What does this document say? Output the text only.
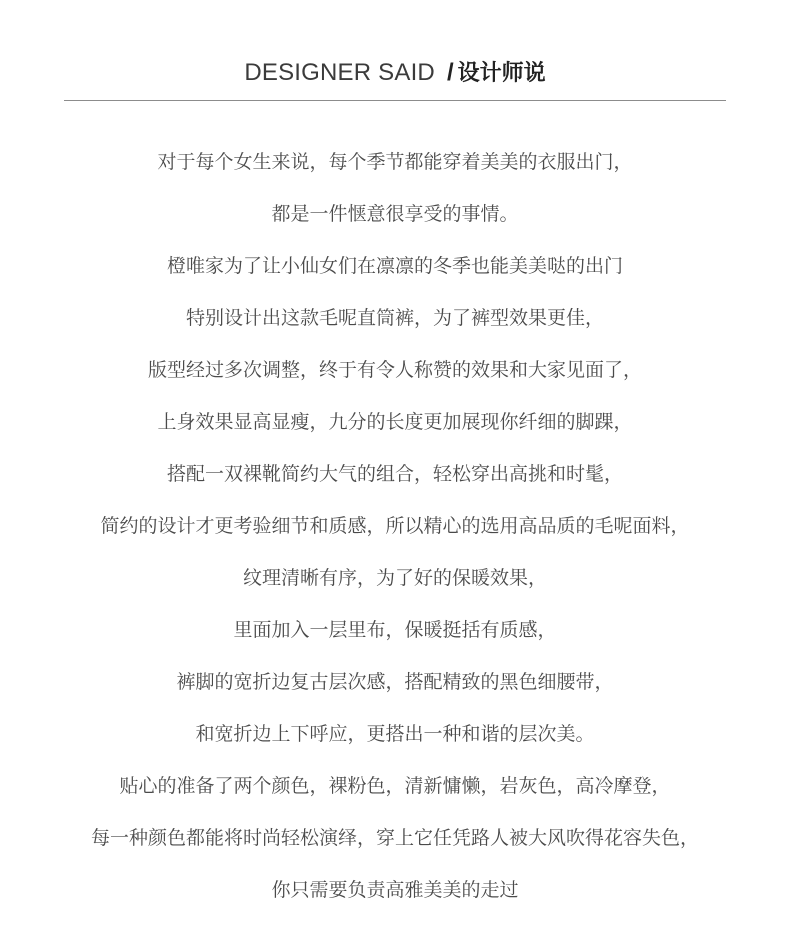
DESIGNER SAID / 设计师说
对于每个女生来说，每个季节都能穿着美美的衣服出门，
都是一件惬意很享受的事情。
橙唯家为了让小仙女们在凛凛的冬季也能美美哒的出门
特别设计出这款毛呢直筒裤，为了裤型效果更佳，
版型经过多次调整，终于有令人称赞的效果和大家见面了，
上身效果显高显瘦，九分的长度更加展现你纤细的脚踝，
搭配一双裸靴简约大气的组合，轻松穿出高挑和时髦，
简约的设计才更考验细节和质感，所以精心的选用高品质的毛呢面料，
纹理清晰有序，为了好的保暖效果，
里面加入一层里布，保暖挺括有质感，
裤脚的宽折边复古层次感，搭配精致的黑色细腰带，
和宽折边上下呼应，更搭出一种和谐的层次美。
贴心的准备了两个颜色，裸粉色，清新慵懒，岩灰色，高冷摩登，
每一种颜色都能将时尚轻松演绎，穿上它任凭路人被大风吹得花容失色，
你只需要负责高雅美美的走过
